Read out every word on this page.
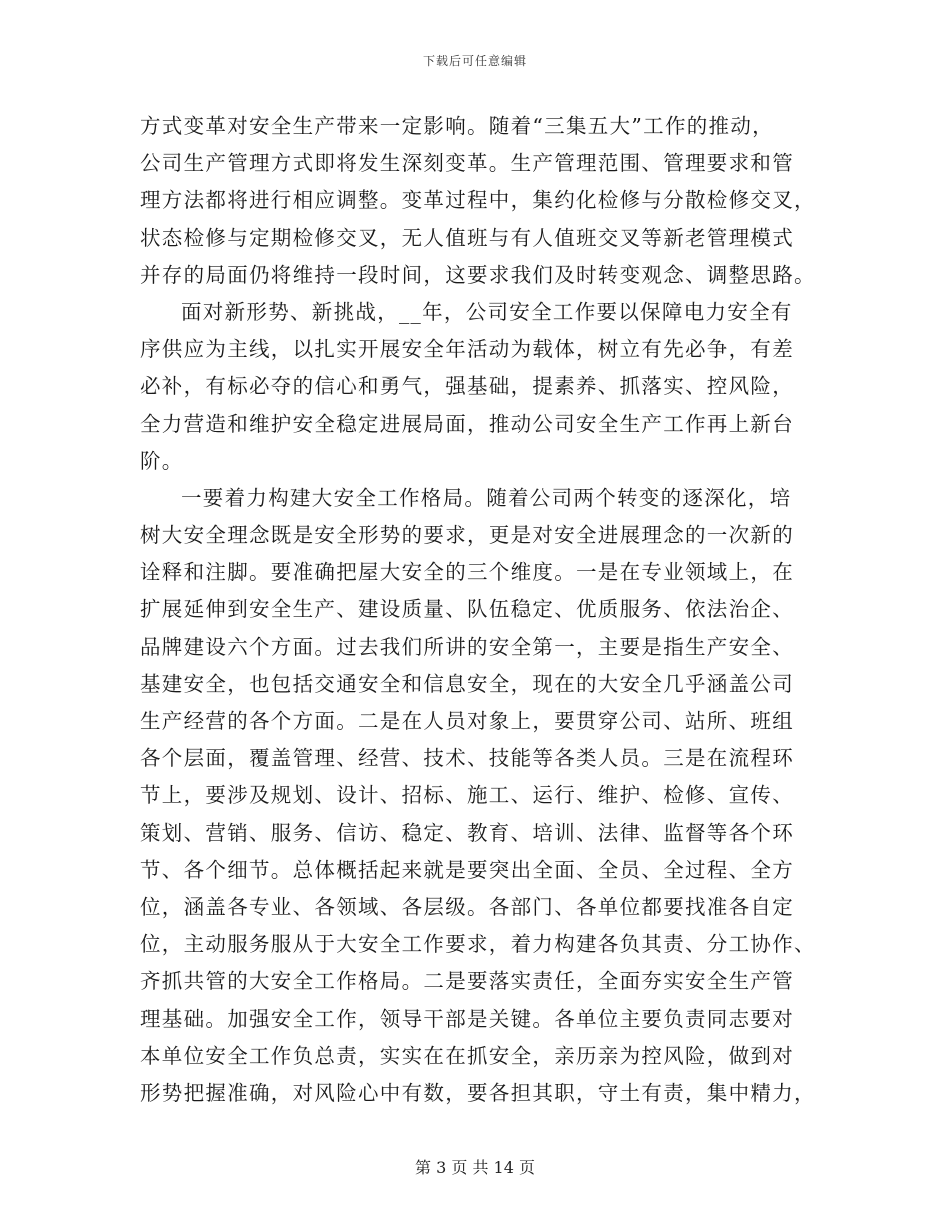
下载后可任意编辑
方式变革对安全生产带来一定影响。随着“三集五大”工作的推动，
公司生产管理方式即将发生深刻变革。生产管理范围、管理要求和管
理方法都将进行相应调整。变革过程中，集约化检修与分散检修交叉，
状态检修与定期检修交叉，无人值班与有人值班交叉等新老管理模式
并存的局面仍将维持一段时间，这要求我们及时转变观念、调整思路。
面对新形势、新挑战，__年，公司安全工作要以保障电力安全有
序供应为主线，以扎实开展安全年活动为载体，树立有先必争，有差
必补，有标必夺的信心和勇气，强基础，提素养、抓落实、控风险，
全力营造和维护安全稳定进展局面，推动公司安全生产工作再上新台
阶。
一要着力构建大安全工作格局。随着公司两个转变的逐深化，培
树大安全理念既是安全形势的要求，更是对安全进展理念的一次新的
诠释和注脚。要准确把屋大安全的三个维度。一是在专业领域上，在
扩展延伸到安全生产、建设质量、队伍稳定、优质服务、依法治企、
品牌建设六个方面。过去我们所讲的安全第一，主要是指生产安全、
基建安全，也包括交通安全和信息安全，现在的大安全几乎涵盖公司
生产经营的各个方面。二是在人员对象上，要贯穿公司、站所、班组
各个层面，覆盖管理、经营、技术、技能等各类人员。三是在流程环
节上，要涉及规划、设计、招标、施工、运行、维护、检修、宣传、
策划、营销、服务、信访、稳定、教育、培训、法律、监督等各个环
节、各个细节。总体概括起来就是要突出全面、全员、全过程、全方
位，涵盖各专业、各领域、各层级。各部门、各单位都要找准各自定
位，主动服务服从于大安全工作要求，着力构建各负其责、分工协作、
齐抓共管的大安全工作格局。二是要落实责任，全面夯实安全生产管
理基础。加强安全工作，领导干部是关键。各单位主要负责同志要对
本单位安全工作负总责，实实在在抓安全，亲历亲为控风险，做到对
形势把握准确，对风险心中有数，要各担其职，守土有责，集中精力，
第 3 页 共 14 页
